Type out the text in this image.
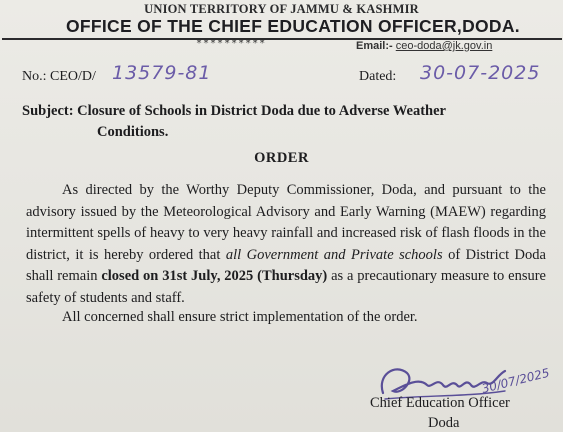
UNION TERRITORY OF JAMMU & KASHMIR
OFFICE OF THE CHIEF EDUCATION OFFICER,DODA.
**********	Email:- ceo-doda@jk.gov.in
No.: CEO/D/ 13579-81	Dated: 30-07-2025
Subject: Closure of Schools in District Doda due to Adverse Weather
Conditions.
ORDER
As directed by the Worthy Deputy Commissioner, Doda, and pursuant to the advisory issued by the Meteorological Advisory and Early Warning (MAEW) regarding intermittent spells of heavy to very heavy rainfall and increased risk of flash floods in the district, it is hereby ordered that all Government and Private schools of District Doda shall remain closed on 31st July, 2025 (Thursday) as a precautionary measure to ensure safety of students and staff.
All concerned shall ensure strict implementation of the order.
30/07/2025
Chief Education Officer
Doda
